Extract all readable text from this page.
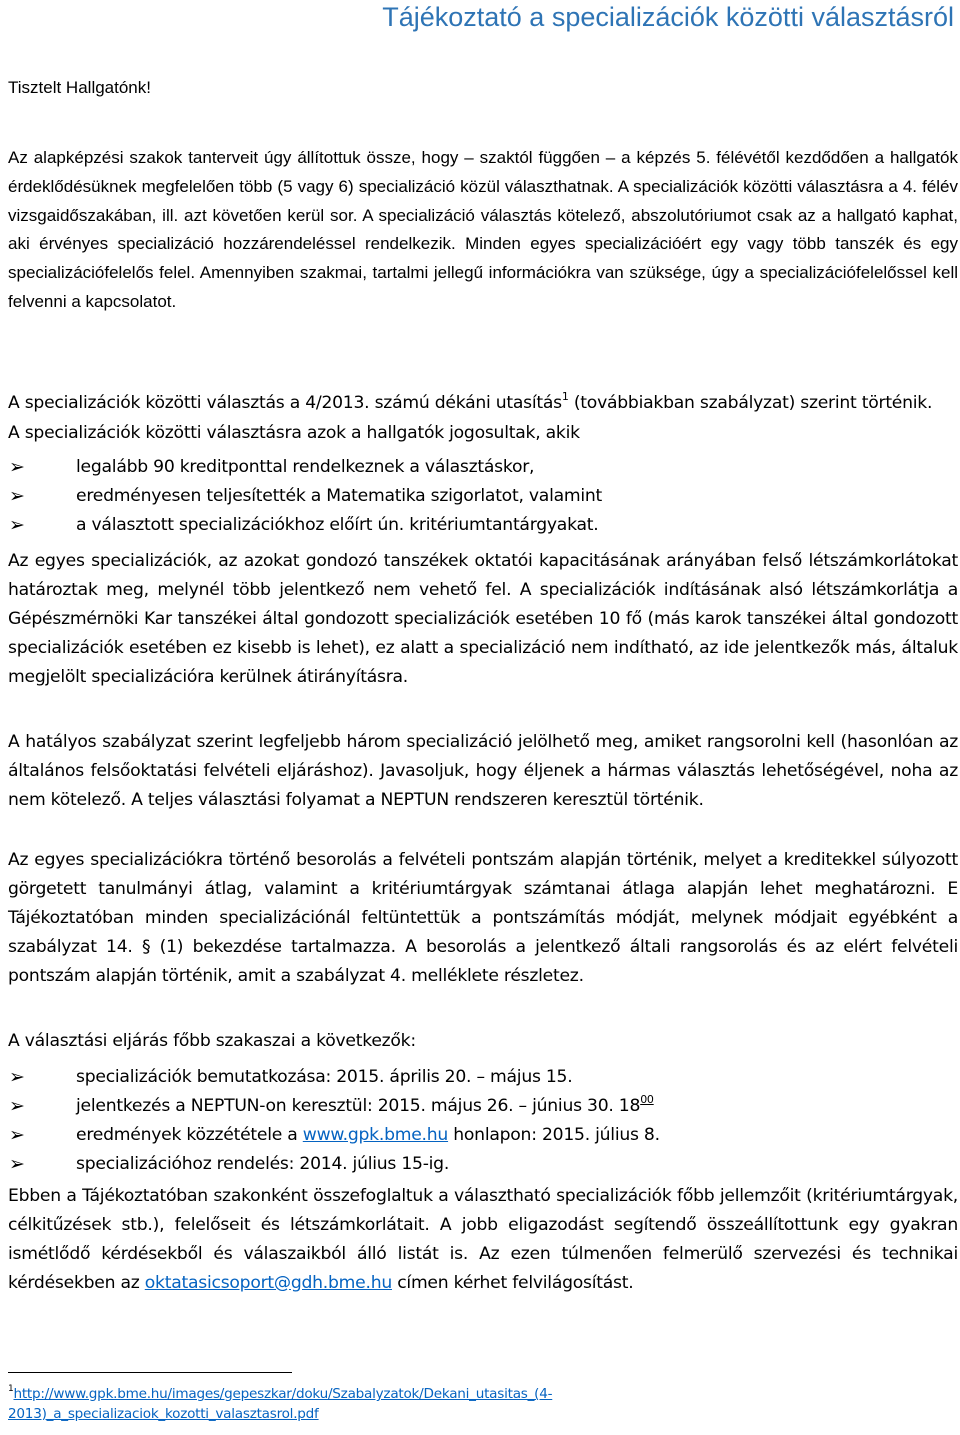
Tájékoztató a specializációk közötti választásról

Tisztelt Hallgatónk!

Az alapképzési szakok tanterveit úgy állítottuk össze, hogy – szaktól függően – a képzés 5. félévétől kezdődően a hallgatók érdeklődésüknek megfelelően több (5 vagy 6) specializáció közül választhatnak. A specializációk közötti választásra a 4. félév vizsgaidőszakában, ill. azt követően kerül sor. A specializáció választás kötelező, abszolutóriumot csak az a hallgató kaphat, aki érvényes specializáció hozzárendeléssel rendelkezik. Minden egyes specializációért egy vagy több tanszék és egy specializációfelelős felel. Amennyiben szakmai, tartalmi jellegű információkra van szüksége, úgy a specializációfelelőssel kell felvenni a kapcsolatot.

A specializációk közötti választás a 4/2013. számú dékáni utasítás$^1$ (továbbiakban szabályzat) szerint történik.

A specializációk közötti választásra azok a hallgatók jogosultak, akik

➢	legalább 90 kreditponttal rendelkeznek a választáskor,
➢	eredményesen teljesítették a Matematika szigorlatot, valamint
➢	a választott specializációkhoz előírt ún. kritériumtantárgyakat.

Az egyes specializációk, az azokat gondozó tanszékek oktatói kapacitásának arányában felső létszámkorlátokat határoztak meg, melynél több jelentkező nem vehető fel. A specializációk indításának alsó létszámkorlátja a Gépészmérnöki Kar tanszékei által gondozott specializációk esetében 10 fő (más karok tanszékei által gondozott specializációk esetében ez kisebb is lehet), ez alatt a specializáció nem indítható, az ide jelentkezők más, általuk megjelölt specializációra kerülnek átirányításra.

A hatályos szabályzat szerint legfeljebb három specializáció jelölhető meg, amiket rangsorolni kell (hasonlóan az általános felsőoktatási felvételi eljáráshoz). Javasoljuk, hogy éljenek a hármas választás lehetőségével, noha az nem kötelező. A teljes választási folyamat a NEPTUN rendszeren keresztül történik.

Az egyes specializációkra történő besorolás a felvételi pontszám alapján történik, melyet a kreditekkel súlyozott görgetett tanulmányi átlag, valamint a kritériumtárgyak számtanai átlaga alapján lehet meghatározni. E Tájékoztatóban minden specializációnál feltüntettük a pontszámítás módját, melynek módjait egyébként a szabályzat 14. § (1) bekezdése tartalmazza. A besorolás a jelentkező általi rangsorolás és az elért felvételi pontszám alapján történik, amit a szabályzat 4. melléklete részletez.

A választási eljárás főbb szakaszai a következők:

➢	specializációk bemutatkozása: 2015. április 20. – május 15.
➢	jelentkezés a NEPTUN-on keresztül: 2015. május 26. – június 30. $18^{00}$
➢	eredmények közzététele a www.gpk.bme.hu honlapon: 2015. július 8.
➢	specializációhoz rendelés: 2014. július 15-ig.

Ebben a Tájékoztatóban szakonként összefoglaltuk a választható specializációk főbb jellemzőit (kritériumtárgyak, célkitűzések stb.), felelőseit és létszámkorlátait. A jobb eligazodást segítendő összeállítottunk egy gyakran ismétlődő kérdésekből és válaszaikból álló listát is. Az ezen túlmenően felmerülő szervezési és technikai kérdésekben az oktatasicsoport@gdh.bme.hu címen kérhet felvilágosítást.

$^1$http://www.gpk.bme.hu/images/gepeszkar/doku/Szabalyzatok/Dekani_utasitas_(4-2013)_a_specializaciok_kozotti_valasztasrol.pdf
